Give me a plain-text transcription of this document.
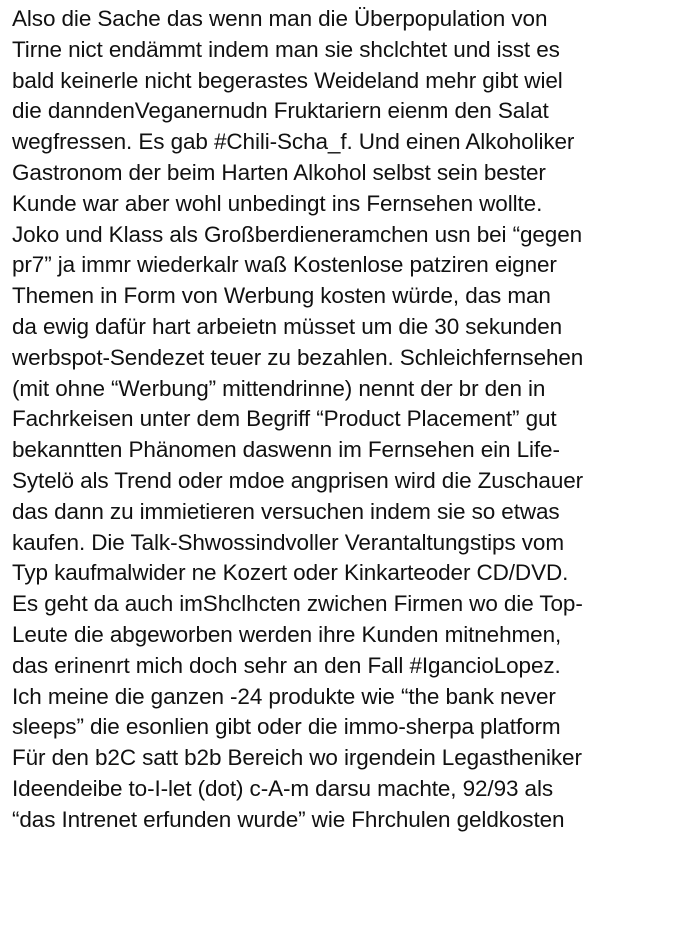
Also die Sache das wenn man die Überpopulation von
Tirne nict endämmt indem man sie shclchtet und isst es
bald keinerle nicht begerastes Weideland mehr gibt wiel
die danndenVeganernudn Fruktariern eienm den Salat
wegfressen. Es gab #Chili-Scha_f. Und einen Alkoholiker
Gastronom der beim Harten Alkohol selbst sein bester
Kunde war aber wohl unbedingt ins Fernsehen wollte.
Joko und Klass als Großberdieneramchen usn bei “gegen
pr7” ja immr wiederkalr waß Kostenlose patziren eigner
Themen in Form von Werbung kosten würde, das man
da ewig dafür hart arbeietn müsset um die 30 sekunden
werbspot-Sendezet teuer zu bezahlen. Schleichfernsehen
(mit ohne “Werbung” mittendrinne) nennt der br den in
Fachrkeisen unter dem Begriff “Product Placement” gut
bekanntten Phänomen daswenn im Fernsehen ein Life-
Sytelö als Trend oder mdoe angprisen wird die Zuschauer
das dann zu immietieren versuchen indem sie so etwas
kaufen. Die Talk-Shwossindvoller Verantaltungstips vom
Typ kaufmalwider ne Kozert oder Kinkarteoder CD/DVD.
Es geht da auch imShclhcten zwichen Firmen wo die Top-
Leute die abgeworben werden ihre Kunden mitnehmen,
das erinenrt mich doch sehr an den Fall #IgancioLopez.
Ich meine die ganzen -24 produkte wie “the bank never
sleeps” die esonlien gibt oder die immo-sherpa platform
Für den b2C satt b2b Bereich wo irgendein Legastheniker
Ideendeibe to-I-let (dot) c-A-m darsu machte, 92/93 als
“das Intrenet erfunden wurde” wie Fhrchulen geldkosten
